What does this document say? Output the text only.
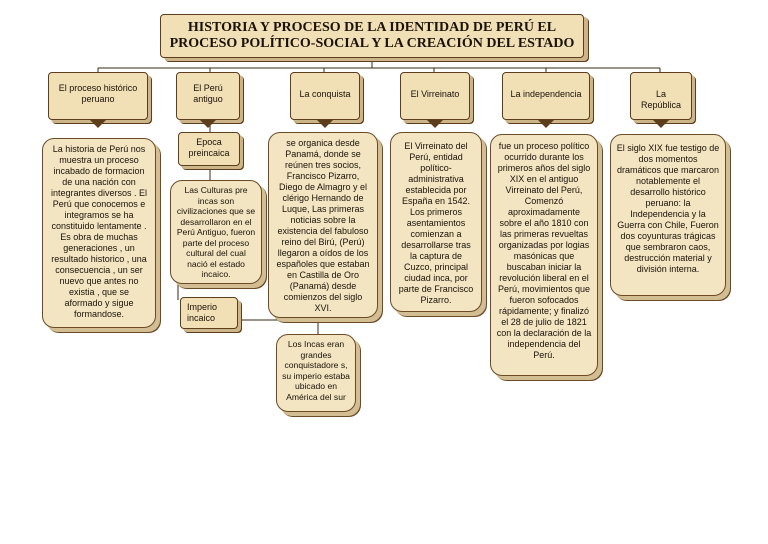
HISTORIA Y PROCESO DE LA IDENTIDAD DE PERÚ EL
PROCESO POLÍTICO-SOCIAL Y LA CREACIÓN DEL ESTADO
El proceso histórico peruano
El Perú antiguo	La conquista	El Virreinato	La independencia	La República
La historia de Perú nos muestra un proceso incabado de formacion de una nación con integrantes diversos . El Perú que conocemos e integramos se ha constituido lentamente . Es obra de muchas generaciones , un resultado historico , una consecuencia , un ser nuevo que antes no existia , que se aformado y sigue formandose.
Epoca preincaica
Las Culturas pre incas son civilizaciones que se desarrollaron en el Perú Antiguo, fueron parte del proceso cultural del cual nació el estado incaico.
Imperio incaico
Los Incas eran grandes conquistadore s, su imperio estaba ubicado en América del sur
se organica desde Panamá, donde se reúnen tres socios, Francisco Pizarro, Diego de Almagro y el clérigo Hernando de Luque, Las primeras noticias sobre la existencia del fabuloso reino del Birú, (Perú) llegaron a oídos de los españoles que estaban en Castilla de Oro (Panamá) desde comienzos del siglo XVI.
El Virreinato del Perú, entidad político-administrativa establecida por España en 1542. Los primeros asentamientos comienzan a desarrollarse tras la captura de Cuzco, principal ciudad inca, por parte de Francisco Pizarro.
fue un proceso político ocurrido durante los primeros años del siglo XIX en el antiguo Virreinato del Perú, Comenzó aproximadamente sobre el año 1810 con las primeras revueltas organizadas por logias masónicas que buscaban iniciar la revolución liberal en el Perú, movimientos que fueron sofocados rápidamente; y finalizó el 28 de julio de 1821 con la declaración de la independencia del Perú.
El siglo XIX fue testigo de dos momentos dramáticos que marcaron notablemente el desarrollo histórico peruano: la Independencia y la Guerra con Chile, Fueron dos coyunturas trágicas que sembraron caos, destrucción material y división interna.
